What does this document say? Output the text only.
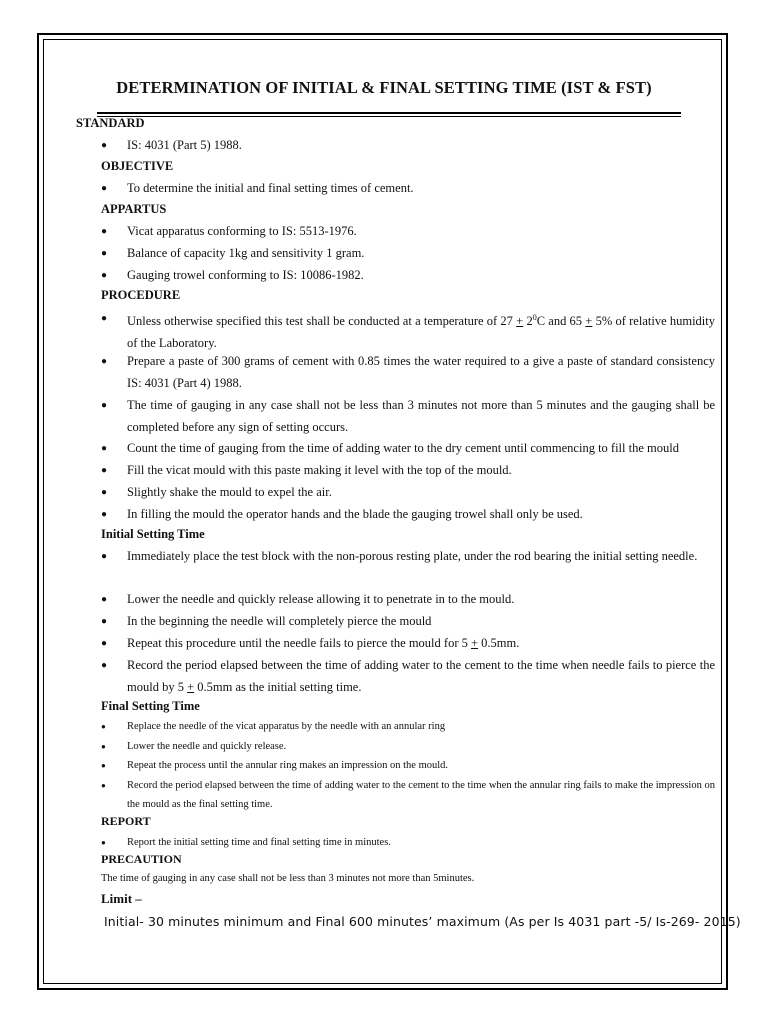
DETERMINATION OF INITIAL & FINAL SETTING TIME (IST & FST)
STANDARD
●	IS: 4031 (Part 5) 1988.
OBJECTIVE
●	To determine the initial and final setting times of cement.
APPARTUS
●	Vicat apparatus conforming to IS: 5513-1976.
●	Balance of capacity 1kg and sensitivity 1 gram.
●	Gauging trowel conforming to IS: 10086-1982.
PROCEDURE
●	Unless otherwise specified this test shall be conducted at a temperature of $27 + 2^0C$ and 65 + 5% of relative humidity of the Laboratory.
●	Prepare a paste of 300 grams of cement with 0.85 times the water required to a give a paste of standard consistency IS: 4031 (Part 4) 1988.
●	The time of gauging in any case shall not be less than 3 minutes not more than 5 minutes and the gauging shall be completed before any sign of setting occurs.
●	Count the time of gauging from the time of adding water to the dry cement until commencing to fill the mould
●	Fill the vicat mould with this paste making it level with the top of the mould.
●	Slightly shake the mould to expel the air.
●	In filling the mould the operator hands and the blade the gauging trowel shall only be used.
Initial Setting Time
●	Immediately place the test block with the non-porous resting plate, under the rod bearing the initial setting needle.
●	Lower the needle and quickly release allowing it to penetrate in to the mould.
●	In the beginning the needle will completely pierce the mould
●	Repeat this procedure until the needle fails to pierce the mould for 5 + 0.5mm.
●	Record the period elapsed between the time of adding water to the cement to the time when needle fails to pierce the mould by 5 + 0.5mm as the initial setting time.
Final Setting Time
●	Replace the needle of the vicat apparatus by the needle with an annular ring
●	Lower the needle and quickly release.
●	Repeat the process until the annular ring makes an impression on the mould.
●	Record the period elapsed between the time of adding water to the cement to the time when the annular ring fails to make the impression on the mould as the final setting time.
REPORT
●	Report the initial setting time and final setting time in minutes.
PRECAUTION
The time of gauging in any case shall not be less than 3 minutes not more than 5minutes.
Limit –
Initial- 30 minutes minimum and Final 600 minutes’ maximum (As per Is 4031 part -5/ Is-269- 2015)
